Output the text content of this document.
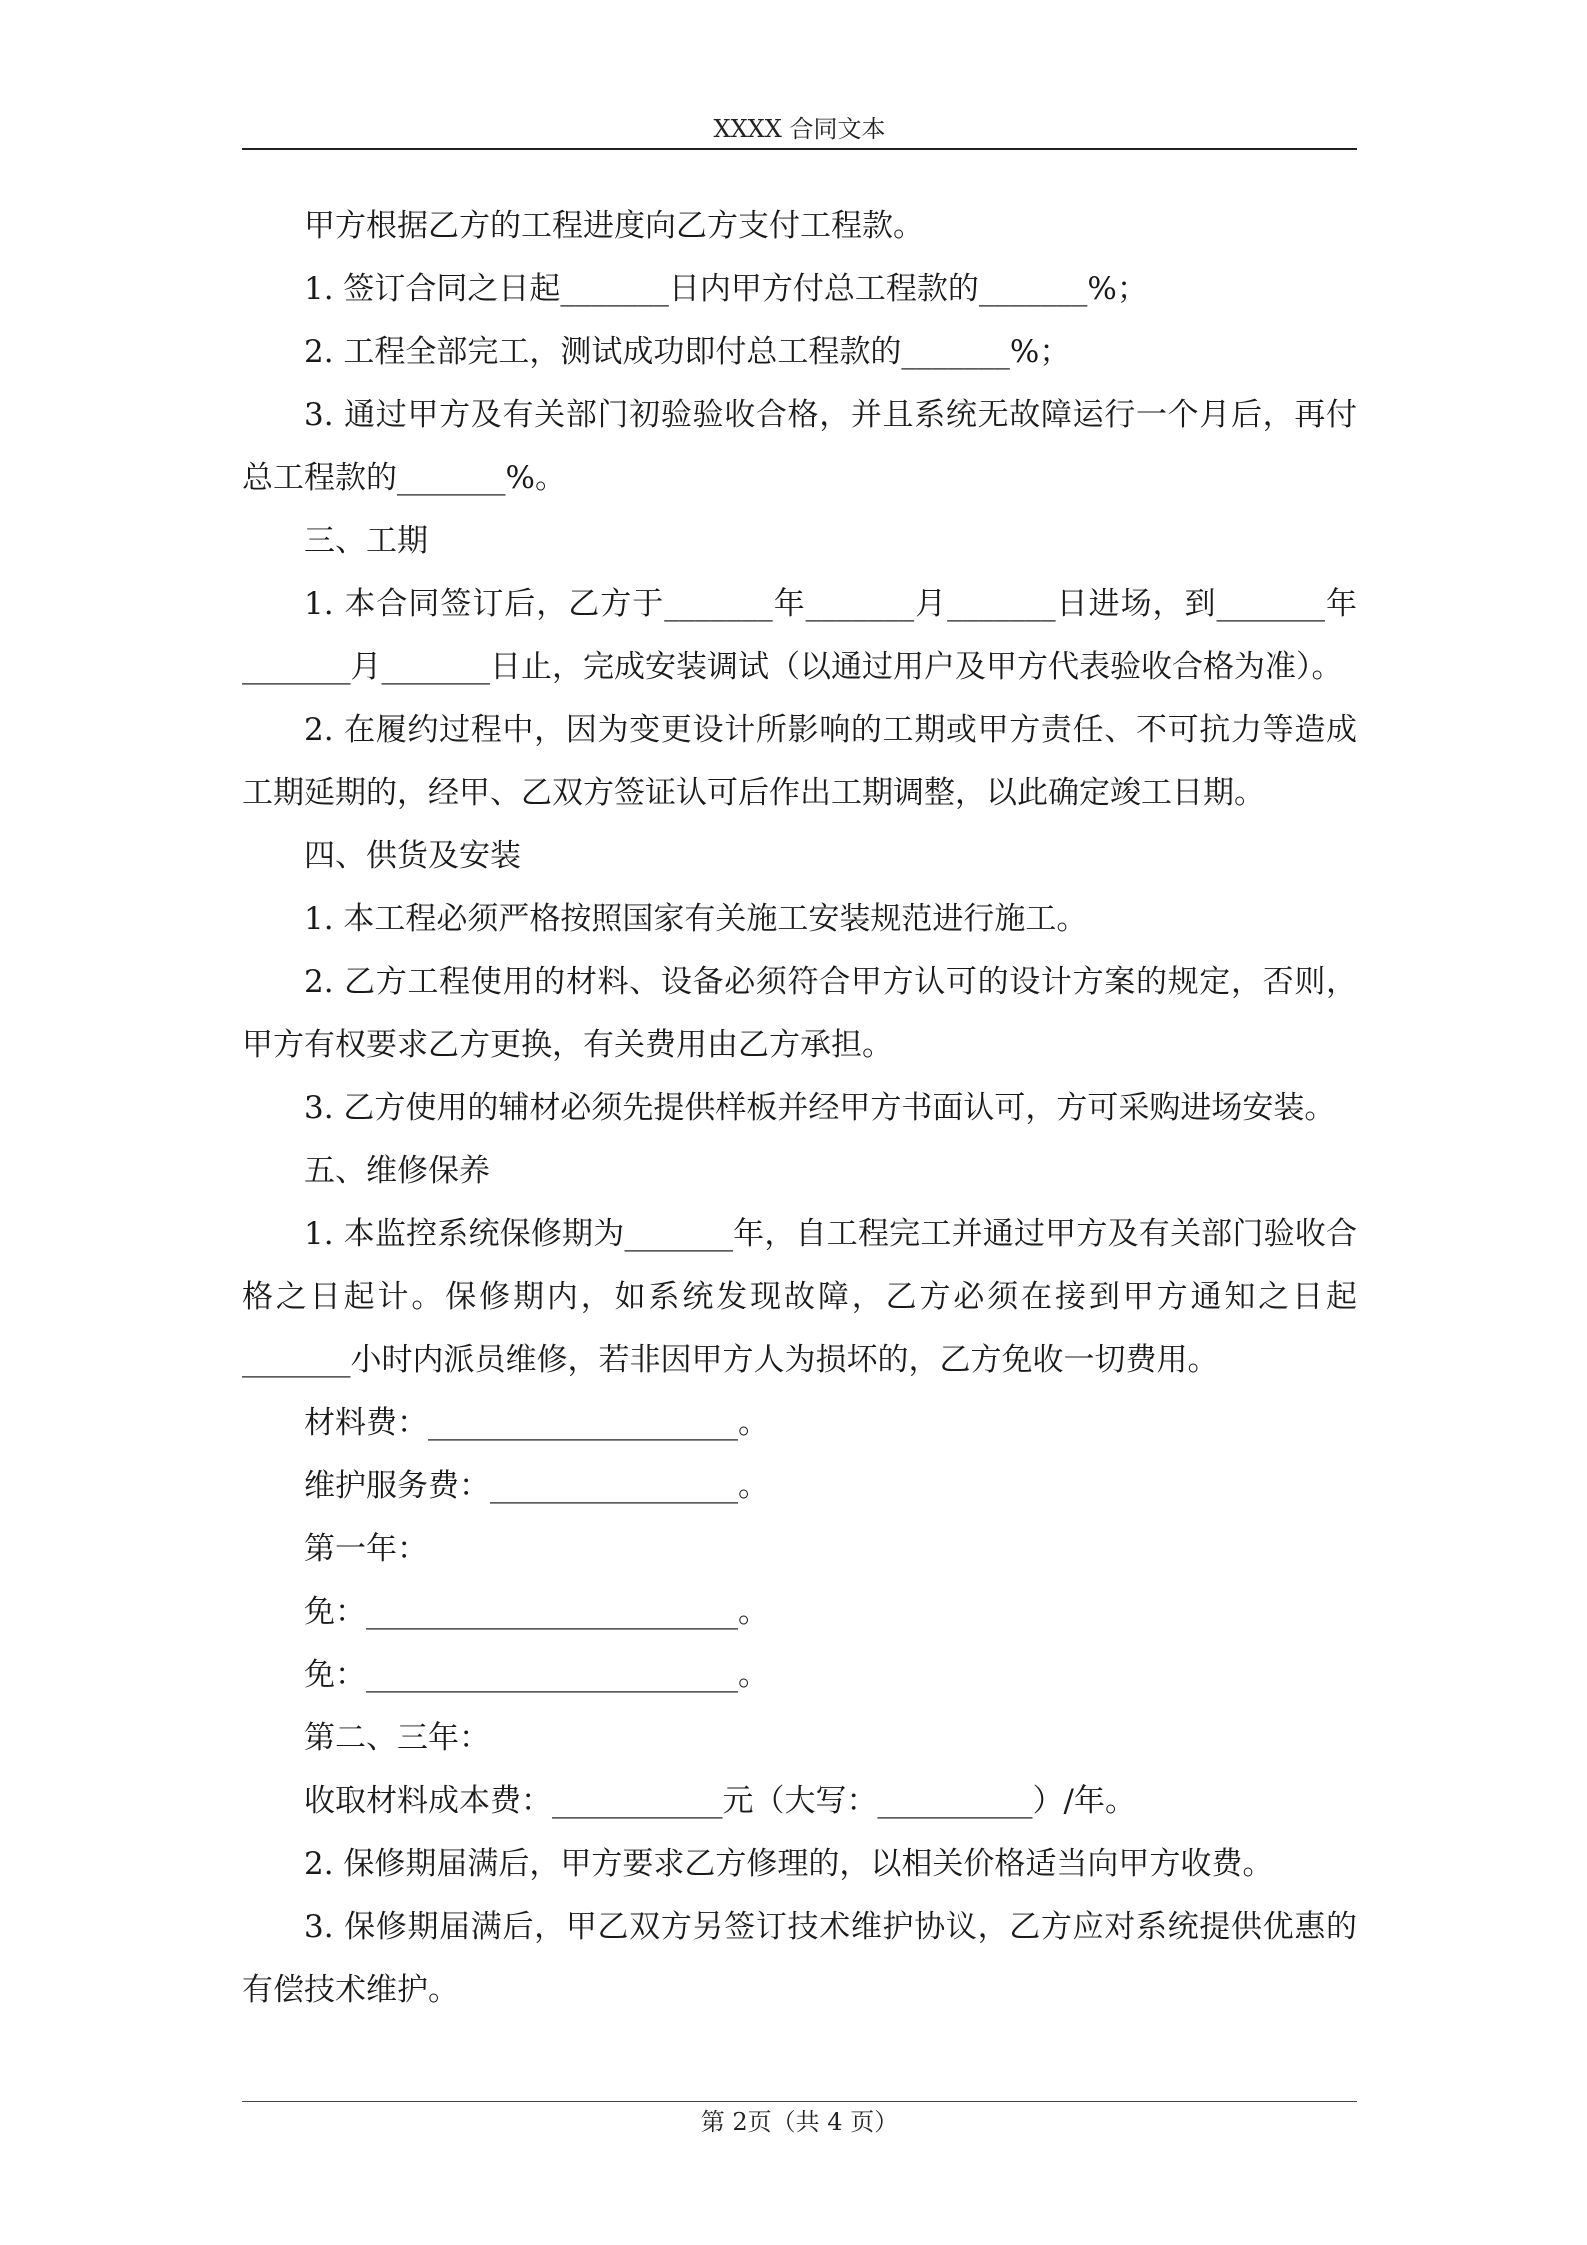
XXXX 合同文本

甲方根据乙方的工程进度向乙方支付工程款。

1. 签订合同之日起_______日内甲方付总工程款的_______%；

2. 工程全部完工，测试成功即付总工程款的_______%；

3. 通过甲方及有关部门初验验收合格，并且系统无故障运行一个月后，再付总工程款的_______%。

三、工期

1. 本合同签订后，乙方于_______年_______月_______日进场，到_______年_______月_______日止，完成安装调试（以通过用户及甲方代表验收合格为准）。

2. 在履约过程中，因为变更设计所影响的工期或甲方责任、不可抗力等造成工期延期的，经甲、乙双方签证认可后作出工期调整，以此确定竣工日期。

四、供货及安装

1. 本工程必须严格按照国家有关施工安装规范进行施工。

2. 乙方工程使用的材料、设备必须符合甲方认可的设计方案的规定，否则，甲方有权要求乙方更换，有关费用由乙方承担。

3. 乙方使用的辅材必须先提供样板并经甲方书面认可，方可采购进场安装。

五、维修保养

1. 本监控系统保修期为_______年，自工程完工并通过甲方及有关部门验收合格之日起计。保修期内，如系统发现故障，乙方必须在接到甲方通知之日起_______小时内派员维修，若非因甲方人为损坏的，乙方免收一切费用。

材料费：____________________。

维护服务费：________________。

第一年：

免：________________________。

免：________________________。

第二、三年：

收取材料成本费：___________元（大写：__________）/年。

2. 保修期届满后，甲方要求乙方修理的，以相关价格适当向甲方收费。

3. 保修期届满后，甲乙双方另签订技术维护协议，乙方应对系统提供优惠的有偿技术维护。

第 2页（共 4 页）
